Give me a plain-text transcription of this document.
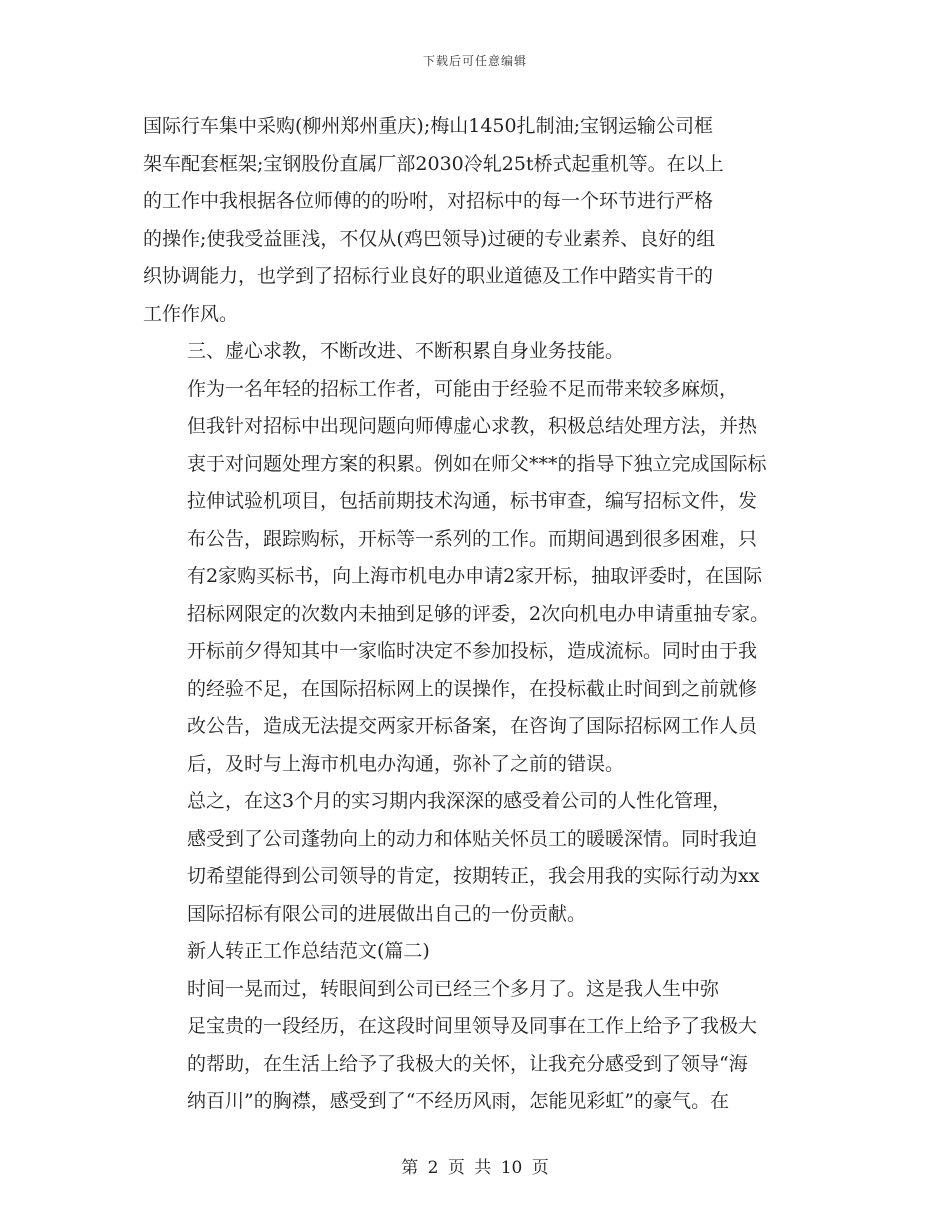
下载后可任意编辑

国际行车集中采购(柳州郑州重庆);梅山1450扎制油;宝钢运输公司框
架车配套框架;宝钢股份直属厂部2030冷轧25t桥式起重机等。在以上
的工作中我根据各位师傅的的吩咐，对招标中的每一个环节进行严格
的操作;使我受益匪浅，不仅从(鸡巴领导)过硬的专业素养、良好的组
织协调能力，也学到了招标行业良好的职业道德及工作中踏实肯干的
工作作风。

三、虚心求教，不断改进、不断积累自身业务技能。

作为一名年轻的招标工作者，可能由于经验不足而带来较多麻烦，
但我针对招标中出现问题向师傅虚心求教，积极总结处理方法，并热
衷于对问题处理方案的积累。例如在师父***的指导下独立完成国际标
拉伸试验机项目，包括前期技术沟通，标书审查，编写招标文件，发
布公告，跟踪购标，开标等一系列的工作。而期间遇到很多困难，只
有2家购买标书，向上海市机电办申请2家开标，抽取评委时，在国际
招标网限定的次数内未抽到足够的评委，2次向机电办申请重抽专家。
开标前夕得知其中一家临时决定不参加投标，造成流标。同时由于我
的经验不足，在国际招标网上的误操作，在投标截止时间到之前就修
改公告，造成无法提交两家开标备案，在咨询了国际招标网工作人员
后，及时与上海市机电办沟通，弥补了之前的错误。

总之，在这3个月的实习期内我深深的感受着公司的人性化管理，
感受到了公司蓬勃向上的动力和体贴关怀员工的暖暖深情。同时我迫
切希望能得到公司领导的肯定，按期转正，我会用我的实际行动为xx
国际招标有限公司的进展做出自己的一份贡献。

新人转正工作总结范文(篇二)

时间一晃而过，转眼间到公司已经三个多月了。这是我人生中弥
足宝贵的一段经历，在这段时间里领导及同事在工作上给予了我极大
的帮助，在生活上给予了我极大的关怀，让我充分感受到了领导“海
纳百川”的胸襟，感受到了“不经历风雨，怎能见彩虹”的豪气。在

第 2 页 共 10 页
